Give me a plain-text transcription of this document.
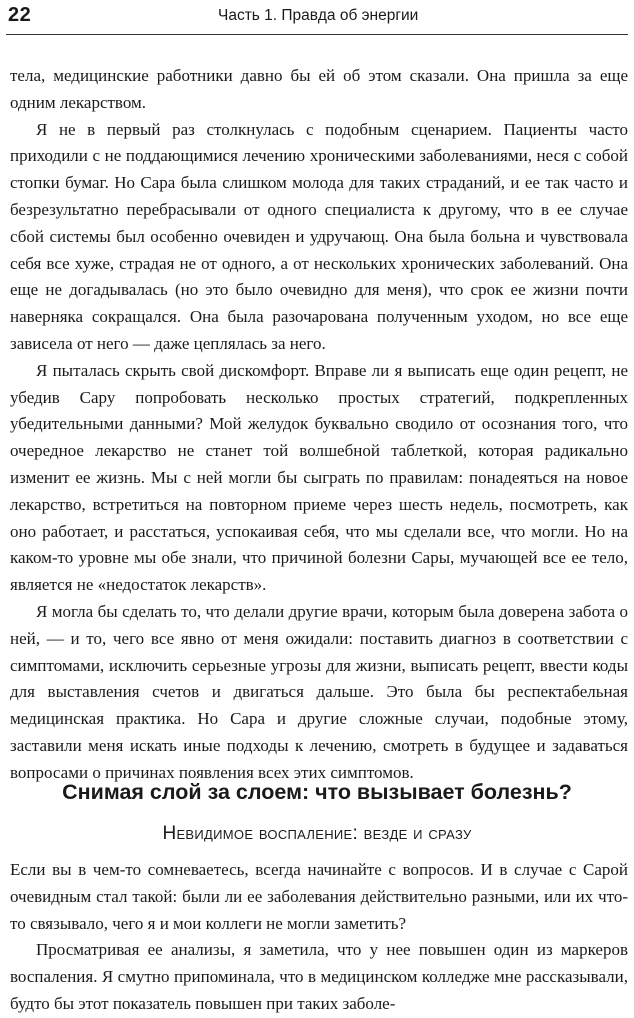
22	Часть 1. Правда об энергии

тела, медицинские работники давно бы ей об этом сказали. Она пришла за еще одним лекарством.

Я не в первый раз столкнулась с подобным сценарием. Пациенты часто приходили с не поддающимися лечению хроническими заболеваниями, неся с собой стопки бумаг. Но Сара была слишком молода для таких страданий, и ее так часто и безрезультатно перебрасывали от одного специалиста к другому, что в ее случае сбой системы был особенно очевиден и удручающ. Она была больна и чувствовала себя все хуже, страдая не от одного, а от нескольких хронических заболеваний. Она еще не догадывалась (но это было очевидно для меня), что срок ее жизни почти наверняка сокращался. Она была разочарована полученным уходом, но все еще зависела от него — даже цеплялась за него.

Я пыталась скрыть свой дискомфорт. Вправе ли я выписать еще один рецепт, не убедив Сару попробовать несколько простых стратегий, подкрепленных убедительными данными? Мой желудок буквально сводило от осознания того, что очередное лекарство не станет той волшебной таблеткой, которая радикально изменит ее жизнь. Мы с ней могли бы сыграть по правилам: понадеяться на новое лекарство, встретиться на повторном приеме через шесть недель, посмотреть, как оно работает, и расстаться, успокаивая себя, что мы сделали все, что могли. Но на каком-то уровне мы обе знали, что причиной болезни Сары, мучающей все ее тело, является не «недостаток лекарств».

Я могла бы сделать то, что делали другие врачи, которым была доверена забота о ней, — и то, чего все явно от меня ожидали: поставить диагноз в соответствии с симптомами, исключить серьезные угрозы для жизни, выписать рецепт, ввести коды для выставления счетов и двигаться дальше. Это была бы респектабельная медицинская практика. Но Сара и другие сложные случаи, подобные этому, заставили меня искать иные подходы к лечению, смотреть в будущее и задаваться вопросами о причинах появления всех этих симптомов.

Снимая слой за слоем: что вызывает болезнь?
Невидимое воспаление: везде и сразу

Если вы в чем-то сомневаетесь, всегда начинайте с вопросов. И в случае с Сарой очевидным стал такой: были ли ее заболевания действительно разными, или их что-то связывало, чего я и мои коллеги не могли заметить?

Просматривая ее анализы, я заметила, что у нее повышен один из маркеров воспаления. Я смутно припоминала, что в медицинском колледже мне рассказывали, будто бы этот показатель повышен при таких заболе-
